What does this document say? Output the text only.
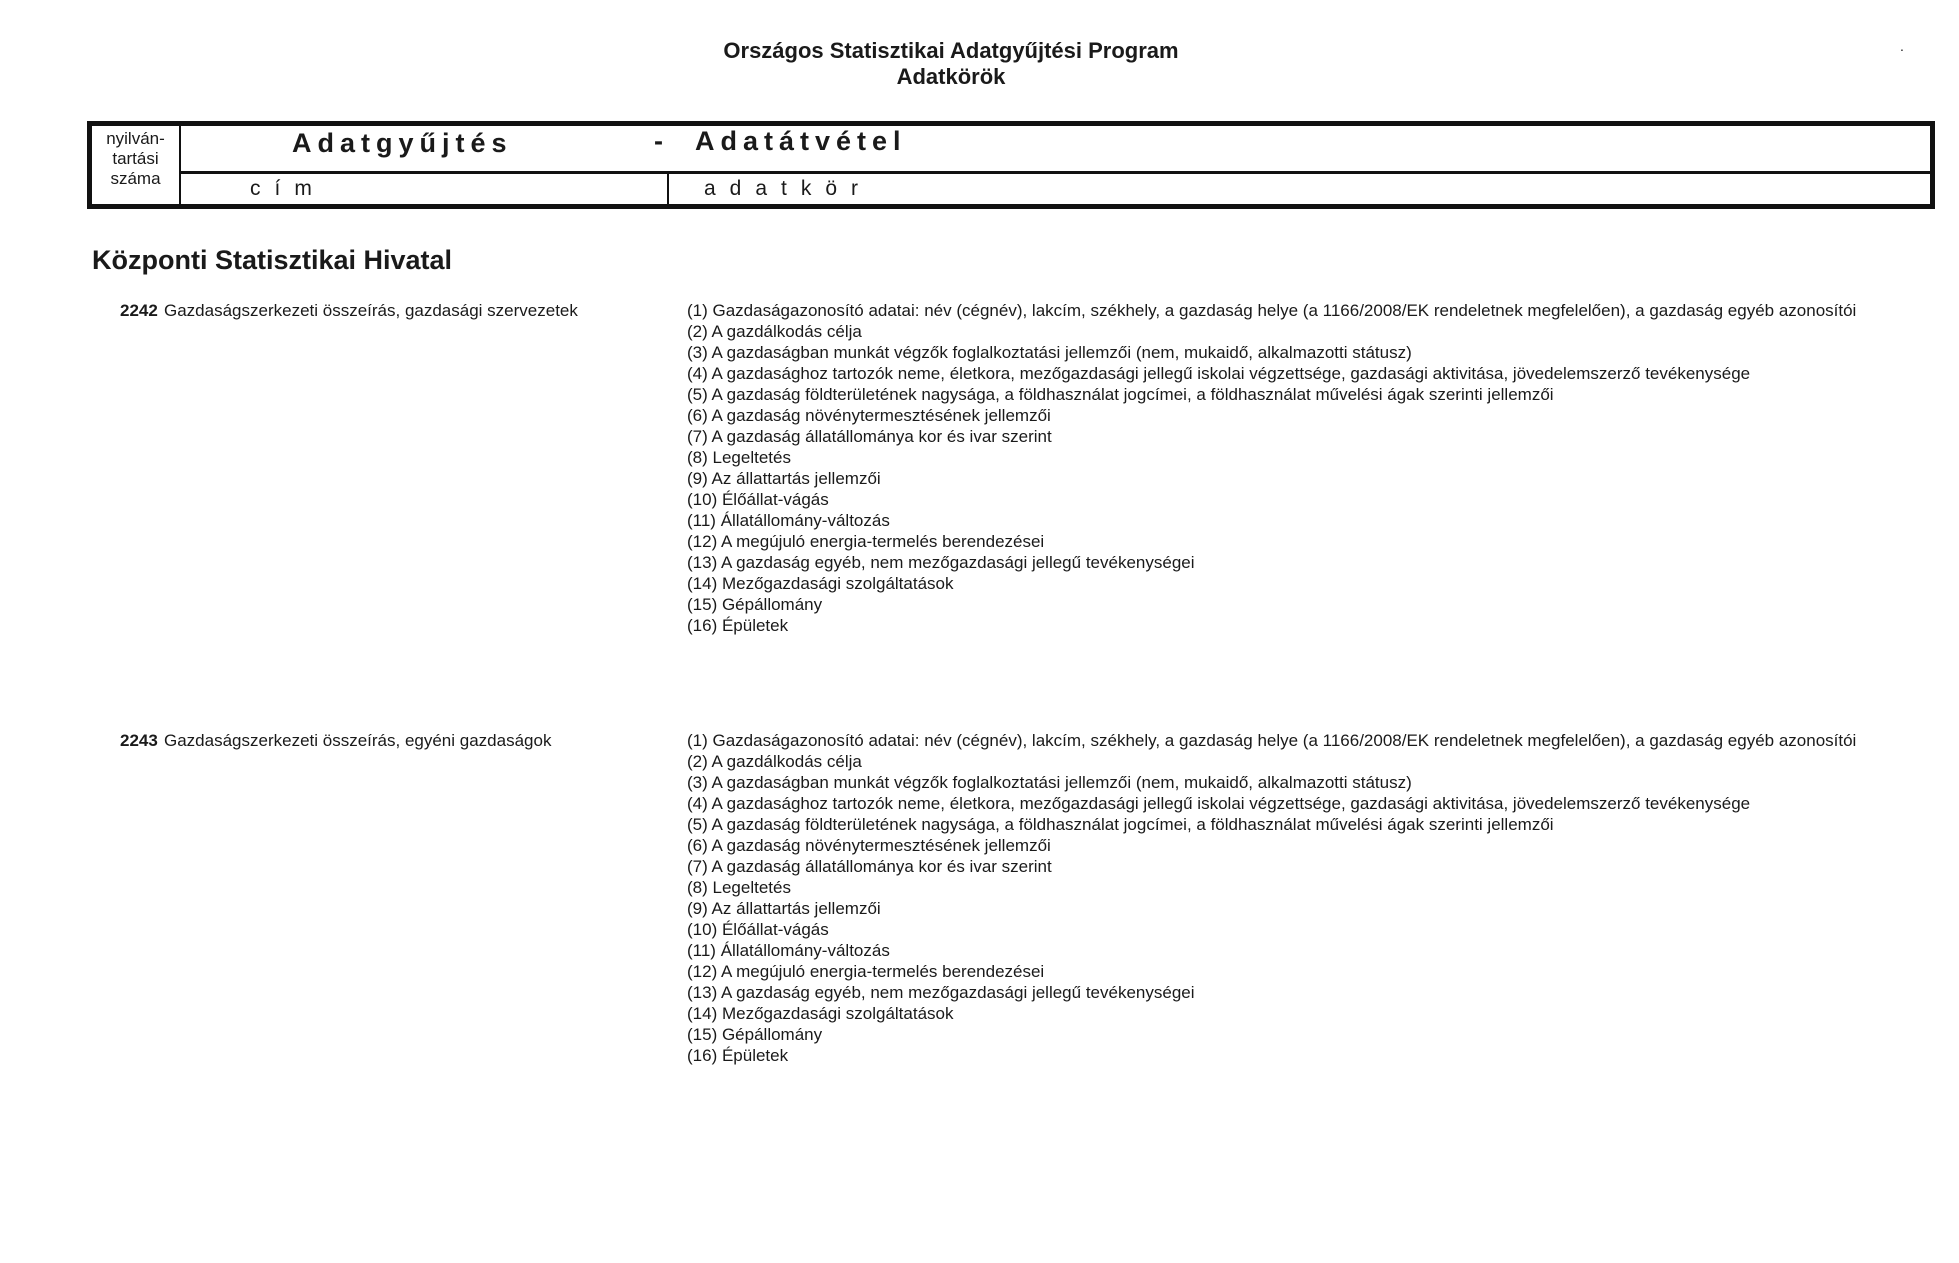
Országos Statisztikai Adatgyűjtési Program
Adatkörök
.
nyilván-
tartási
száma
Adatgyűjtés	-  Adatátvétel
cím	adatkör
Központi Statisztikai Hivatal
2242 Gazdaságszerkezeti összeírás, gazdasági szervezetek	(1) Gazdaságazonosító adatai: név (cégnév), lakcím, székhely, a gazdaság helye (a 1166/2008/EK rendeletnek megfelelően), a gazdaság egyéb azonosítói
(2) A gazdálkodás célja
(3) A gazdaságban munkát végzők foglalkoztatási jellemzői (nem, mukaidő, alkalmazotti státusz)
(4) A gazdasághoz tartozók neme, életkora, mezőgazdasági jellegű iskolai végzettsége, gazdasági aktivitása, jövedelemszerző tevékenysége
(5) A gazdaság földterületének nagysága, a földhasználat jogcímei, a földhasználat művelési ágak szerinti jellemzői
(6) A gazdaság növénytermesztésének jellemzői
(7) A gazdaság állatállománya kor és ivar szerint
(8) Legeltetés
(9) Az állattartás jellemzői
(10) Élőállat-vágás
(11) Állatállomány-változás
(12) A megújuló energia-termelés berendezései
(13) A gazdaság egyéb, nem mezőgazdasági jellegű tevékenységei
(14) Mezőgazdasági szolgáltatások
(15) Gépállomány
(16) Épületek
2243 Gazdaságszerkezeti összeírás, egyéni gazdaságok	(1) Gazdaságazonosító adatai: név (cégnév), lakcím, székhely, a gazdaság helye (a 1166/2008/EK rendeletnek megfelelően), a gazdaság egyéb azonosítói
(2) A gazdálkodás célja
(3) A gazdaságban munkát végzők foglalkoztatási jellemzői (nem, mukaidő, alkalmazotti státusz)
(4) A gazdasághoz tartozók neme, életkora, mezőgazdasági jellegű iskolai végzettsége, gazdasági aktivitása, jövedelemszerző tevékenysége
(5) A gazdaság földterületének nagysága, a földhasználat jogcímei, a földhasználat művelési ágak szerinti jellemzői
(6) A gazdaság növénytermesztésének jellemzői
(7) A gazdaság állatállománya kor és ivar szerint
(8) Legeltetés
(9) Az állattartás jellemzői
(10) Élőállat-vágás
(11) Állatállomány-változás
(12) A megújuló energia-termelés berendezései
(13) A gazdaság egyéb, nem mezőgazdasági jellegű tevékenységei
(14) Mezőgazdasági szolgáltatások
(15) Gépállomány
(16) Épületek
